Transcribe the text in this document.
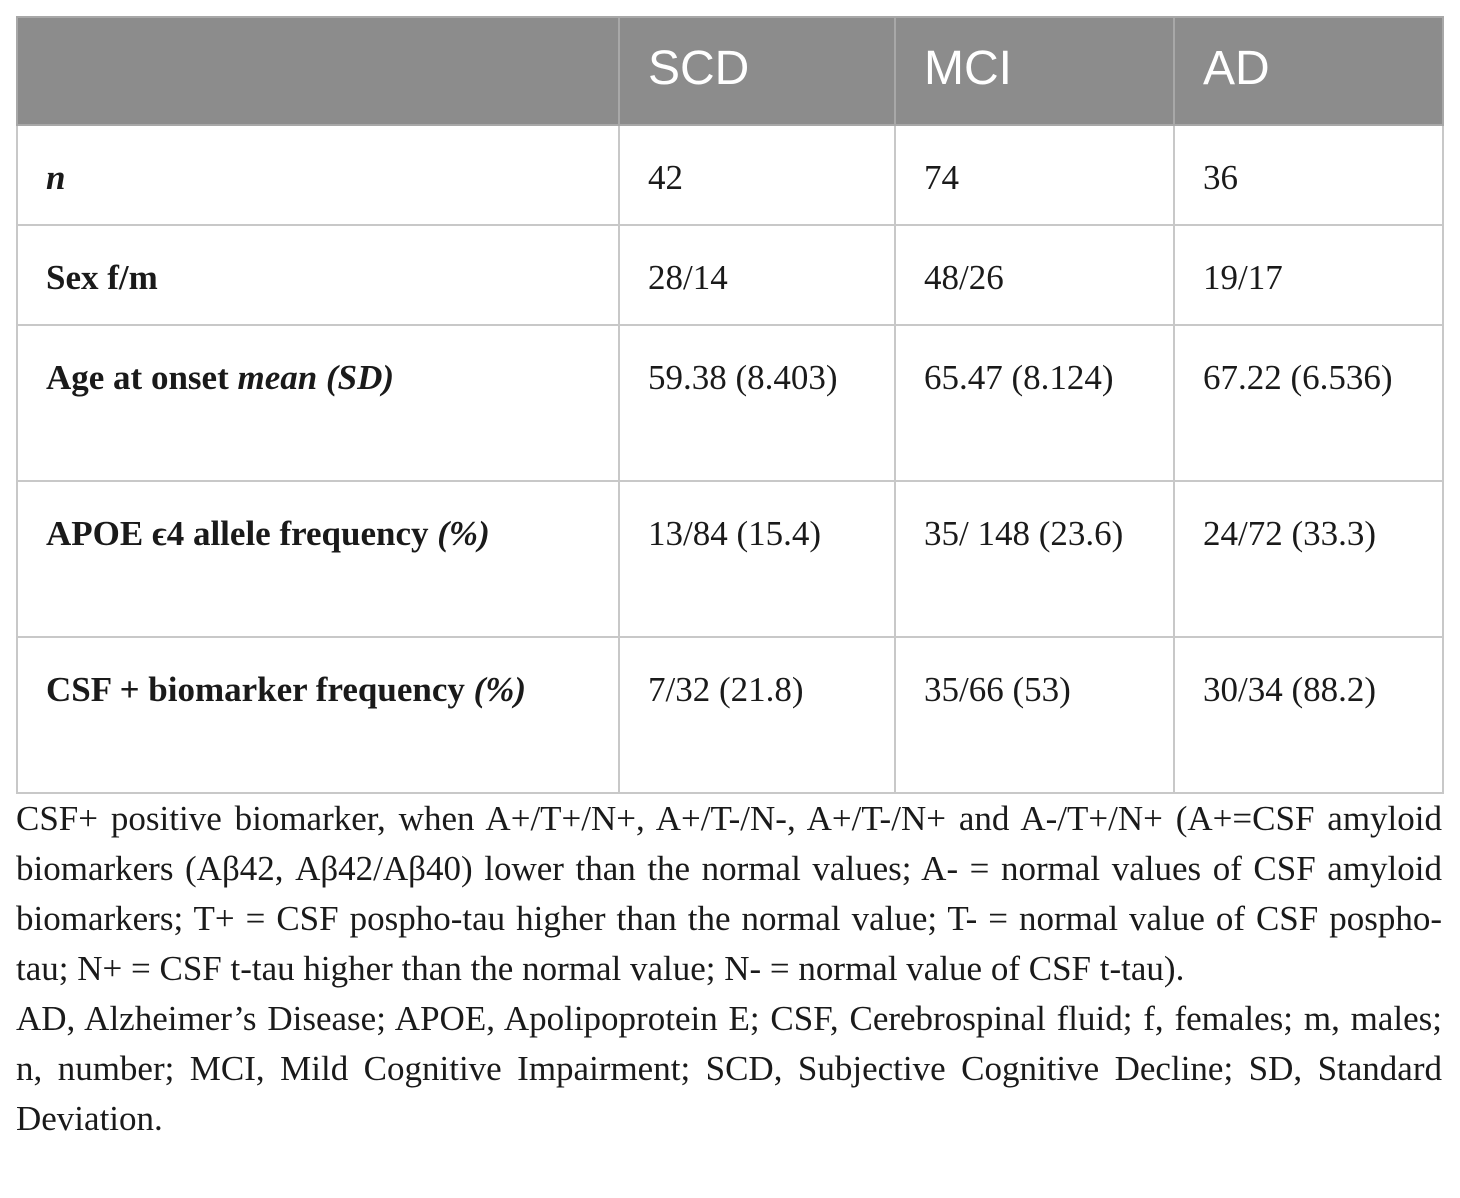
	SCD	MCI	AD
n	42	74	36
Sex f/m	28/14	48/26	19/17
Age at onset mean (SD)	59.38 (8.403)	65.47 (8.124)	67.22 (6.536)
APOE ϵ4 allele frequency (%)	13/84 (15.4)	35/ 148 (23.6)	24/72 (33.3)
CSF + biomarker frequency (%)	7/32 (21.8)	35/66 (53)	30/34 (88.2)

CSF+ positive biomarker, when A+/T+/N+, A+/T-/N-, A+/T-/N+ and A-/T+/N+ (A+=CSF amyloid biomarkers (Aβ42, Aβ42/Aβ40) lower than the normal values; A- = normal values of CSF amyloid biomarkers; T+ = CSF pospho-tau higher than the normal value; T- = normal value of CSF pospho-tau; N+ = CSF t-tau higher than the normal value; N- = normal value of CSF t-tau).

AD, Alzheimer’s Disease; APOE, Apolipoprotein E; CSF, Cerebrospinal fluid; f, females; m, males; n, number; MCI, Mild Cognitive Impairment; SCD, Subjective Cognitive Decline; SD, Standard Deviation.
